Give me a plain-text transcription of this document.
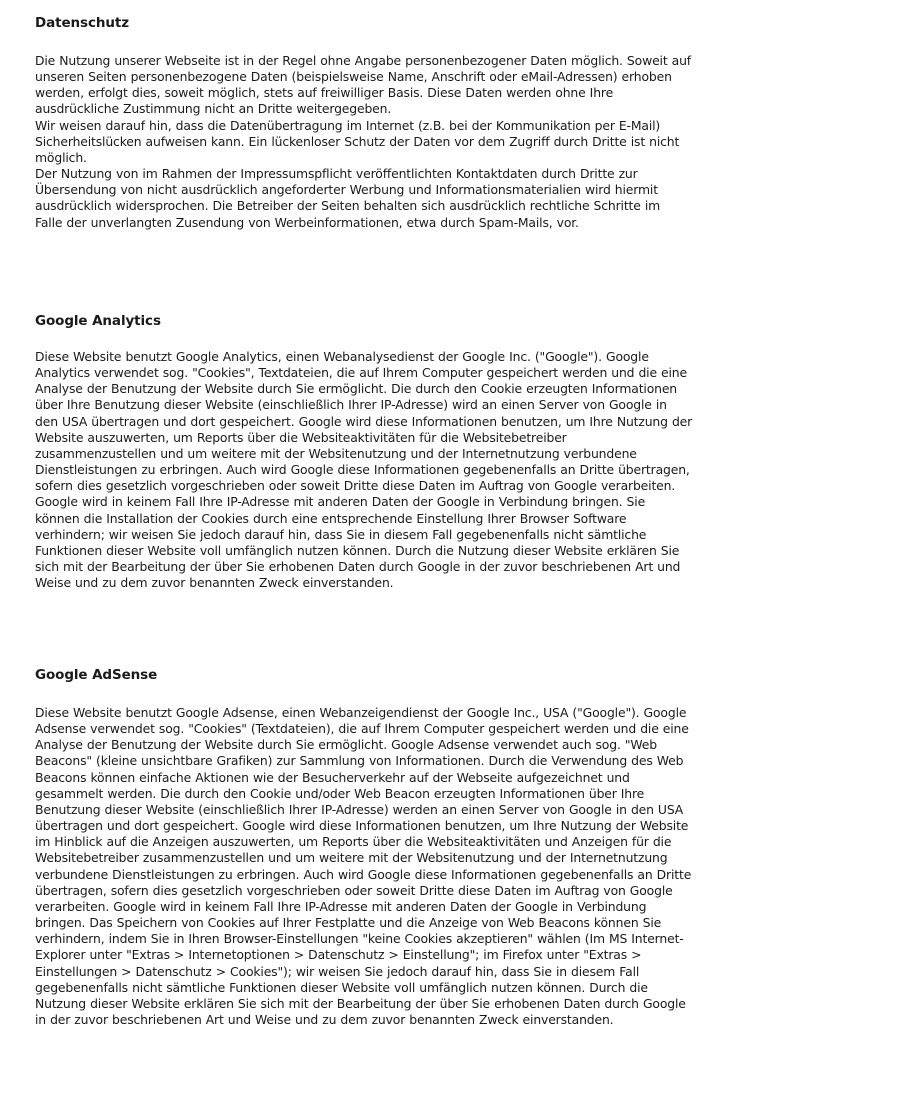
Datenschutz

Die Nutzung unserer Webseite ist in der Regel ohne Angabe personenbezogener Daten möglich. Soweit auf
unseren Seiten personenbezogene Daten (beispielsweise Name, Anschrift oder eMail-Adressen) erhoben
werden, erfolgt dies, soweit möglich, stets auf freiwilliger Basis. Diese Daten werden ohne Ihre
ausdrückliche Zustimmung nicht an Dritte weitergegeben.
Wir weisen darauf hin, dass die Datenübertragung im Internet (z.B. bei der Kommunikation per E-Mail)
Sicherheitslücken aufweisen kann. Ein lückenloser Schutz der Daten vor dem Zugriff durch Dritte ist nicht
möglich.
Der Nutzung von im Rahmen der Impressumspflicht veröffentlichten Kontaktdaten durch Dritte zur
Übersendung von nicht ausdrücklich angeforderter Werbung und Informationsmaterialien wird hiermit
ausdrücklich widersprochen. Die Betreiber der Seiten behalten sich ausdrücklich rechtliche Schritte im
Falle der unverlangten Zusendung von Werbeinformationen, etwa durch Spam-Mails, vor.

Google Analytics

Diese Website benutzt Google Analytics, einen Webanalysedienst der Google Inc. ("Google"). Google
Analytics verwendet sog. "Cookies", Textdateien, die auf Ihrem Computer gespeichert werden und die eine
Analyse der Benutzung der Website durch Sie ermöglicht. Die durch den Cookie erzeugten Informationen
über Ihre Benutzung dieser Website (einschließlich Ihrer IP-Adresse) wird an einen Server von Google in
den USA übertragen und dort gespeichert. Google wird diese Informationen benutzen, um Ihre Nutzung der
Website auszuwerten, um Reports über die Websiteaktivitäten für die Websitebetreiber
zusammenzustellen und um weitere mit der Websitenutzung und der Internetnutzung verbundene
Dienstleistungen zu erbringen. Auch wird Google diese Informationen gegebenenfalls an Dritte übertragen,
sofern dies gesetzlich vorgeschrieben oder soweit Dritte diese Daten im Auftrag von Google verarbeiten.
Google wird in keinem Fall Ihre IP-Adresse mit anderen Daten der Google in Verbindung bringen. Sie
können die Installation der Cookies durch eine entsprechende Einstellung Ihrer Browser Software
verhindern; wir weisen Sie jedoch darauf hin, dass Sie in diesem Fall gegebenenfalls nicht sämtliche
Funktionen dieser Website voll umfänglich nutzen können. Durch die Nutzung dieser Website erklären Sie
sich mit der Bearbeitung der über Sie erhobenen Daten durch Google in der zuvor beschriebenen Art und
Weise und zu dem zuvor benannten Zweck einverstanden.

Google AdSense

Diese Website benutzt Google Adsense, einen Webanzeigendienst der Google Inc., USA ("Google"). Google
Adsense verwendet sog. "Cookies" (Textdateien), die auf Ihrem Computer gespeichert werden und die eine
Analyse der Benutzung der Website durch Sie ermöglicht. Google Adsense verwendet auch sog. "Web
Beacons" (kleine unsichtbare Grafiken) zur Sammlung von Informationen. Durch die Verwendung des Web
Beacons können einfache Aktionen wie der Besucherverkehr auf der Webseite aufgezeichnet und
gesammelt werden. Die durch den Cookie und/oder Web Beacon erzeugten Informationen über Ihre
Benutzung dieser Website (einschließlich Ihrer IP-Adresse) werden an einen Server von Google in den USA
übertragen und dort gespeichert. Google wird diese Informationen benutzen, um Ihre Nutzung der Website
im Hinblick auf die Anzeigen auszuwerten, um Reports über die Websiteaktivitäten und Anzeigen für die
Websitebetreiber zusammenzustellen und um weitere mit der Websitenutzung und der Internetnutzung
verbundene Dienstleistungen zu erbringen. Auch wird Google diese Informationen gegebenenfalls an Dritte
übertragen, sofern dies gesetzlich vorgeschrieben oder soweit Dritte diese Daten im Auftrag von Google
verarbeiten. Google wird in keinem Fall Ihre IP-Adresse mit anderen Daten der Google in Verbindung
bringen. Das Speichern von Cookies auf Ihrer Festplatte und die Anzeige von Web Beacons können Sie
verhindern, indem Sie in Ihren Browser-Einstellungen "keine Cookies akzeptieren" wählen (Im MS Internet-
Explorer unter "Extras > Internetoptionen > Datenschutz > Einstellung"; im Firefox unter "Extras >
Einstellungen > Datenschutz > Cookies"); wir weisen Sie jedoch darauf hin, dass Sie in diesem Fall
gegebenenfalls nicht sämtliche Funktionen dieser Website voll umfänglich nutzen können. Durch die
Nutzung dieser Website erklären Sie sich mit der Bearbeitung der über Sie erhobenen Daten durch Google
in der zuvor beschriebenen Art und Weise und zu dem zuvor benannten Zweck einverstanden.
